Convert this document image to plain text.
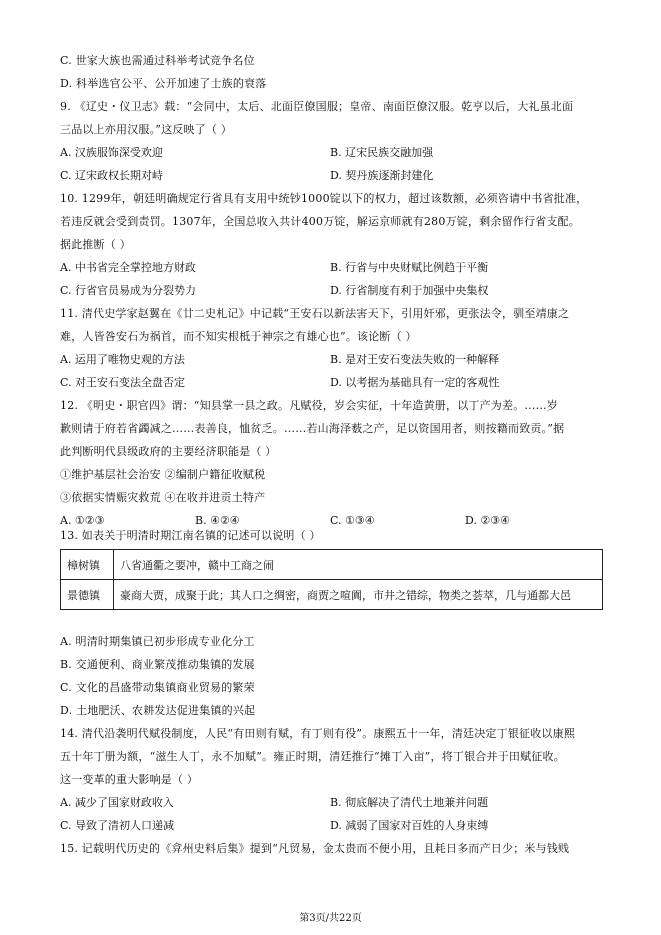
C. 世家大族也需通过科举考试竞争名位
D. 科举选官公平、公开加速了士族的衰落
9. 《辽史・仪卫志》载：“会同中，太后、北面臣僚国服；皇帝、南面臣僚汉服。乾亨以后，大礼虽北面
三品以上亦用汉服。”这反映了（ ）
A. 汉族服饰深受欢迎	B. 辽宋民族交融加强
C. 辽宋政权长期对峙	D. 契丹族逐渐封建化
10. 1299年，朝廷明确规定行省具有支用中统钞1000锭以下的权力，超过该数额，必须咨请中书省批准，
若违反就会受到责罚。1307年，全国总收入共计400万锭，解运京师就有280万锭，剩余留作行省支配。
据此推断（ ）
A. 中书省完全掌控地方财政	B. 行省与中央财赋比例趋于平衡
C. 行省官员易成为分裂势力	D. 行省制度有利于加强中央集权
11. 清代史学家赵翼在《廿二史札记》中记载“王安石以新法害天下，引用奸邪，更张法令，驯至靖康之
难，人皆咎安石为祸首，而不知实根柢于神宗之有雄心也”。该论断（ ）
A. 运用了唯物史观的方法	B. 是对王安石变法失败的一种解释
C. 对王安石变法全盘否定	D. 以考据为基础具有一定的客观性
12. 《明史・职官四》谓：“知县掌一县之政。凡赋役，岁会实征，十年造黄册，以丁产为差。……岁
歉则请于府若省蠲减之……表善良，恤贫乏。……若山海泽薮之产，足以资国用者，则按籍而致贡。”据
此判断明代县级政府的主要经济职能是（ ）
①维护基层社会治安 ②编制户籍征收赋税
③依据实情赈灾救荒 ④在收并进贡土特产
A. ①②③	B. ④②④	C. ①③④	D. ②③④
13. 如表关于明清时期江南名镇的记述可以说明（ ）
樟树镇	八省通衢之要冲，赣中工商之闹
景德镇	豪商大贾，成聚于此；其人口之绸密，商贾之喧阗，市井之错综，物类之荟萃，几与通都大邑
A. 明清时期集镇已初步形成专业化分工
B. 交通便利、商业繁茂推动集镇的发展
C. 文化的昌盛带动集镇商业贸易的繁荣
D. 土地肥沃、农耕发达促进集镇的兴起
14. 清代沿袭明代赋役制度，人民“有田则有赋，有丁则有役”。康熙五十一年，清廷决定丁银征收以康熙
五十年丁册为额，“滋生人丁，永不加赋”。雍正时期，清廷推行“摊丁入亩”，将丁银合并于田赋征收。
这一变革的重大影响是（ ）
A. 减少了国家财政收入	B. 彻底解决了清代土地兼并问题
C. 导致了清初人口递减	D. 减弱了国家对百姓的人身束缚
15. 记载明代历史的《弇州史料后集》提到“凡贸易，金太贵而不便小用，且耗日多而产日少；米与钱贱
第3页/共22页
